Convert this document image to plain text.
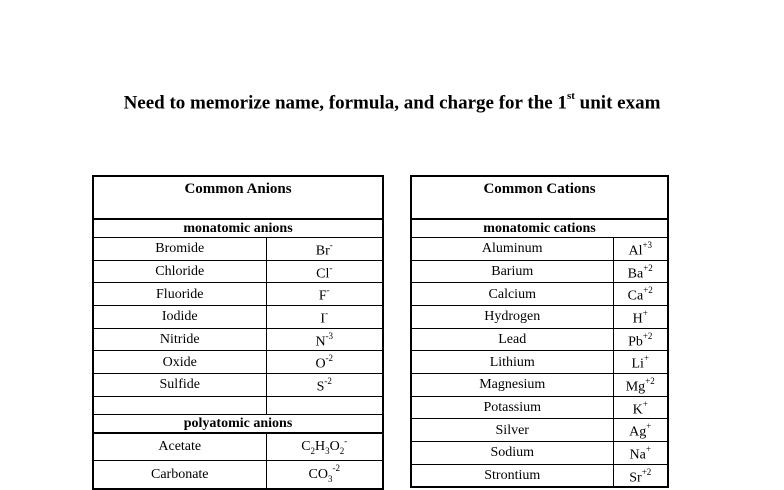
Need to memorize name, formula, and charge for the 1st unit exam
Common Anions	
monatomic anions	
Bromide	Br-
Chloride	Cl-
Fluoride	F-
Iodide	I-
Nitride	$N^{-3}$
Oxide	$O^{-2}$
Sulfide	$S^{-2}$

polyatomic anions	
Acetate	$C_2H_3O_2^-$
Carbonate	$CO_3^{-2}$
Common Cations	
monatomic cations	
Aluminum	$Al^{+3}$
Barium	$Ba^{+2}$
Calcium	$Ca^{+2}$
Hydrogen	H+
Lead	$Pb^{+2}$
Lithium	Li+
Magnesium	$Mg^{+2}$
Potassium	K+
Silver	Ag+
Sodium	Na+
Strontium	$Sr^{+2}$
